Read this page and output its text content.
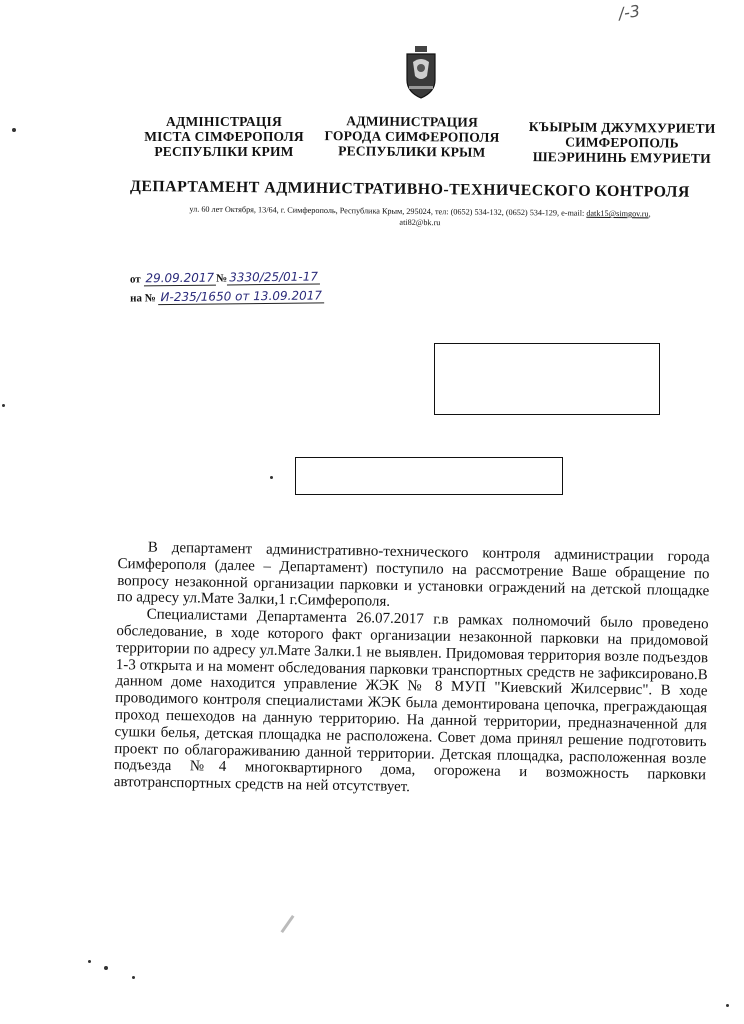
/-3
АДМІНІСТРАЦІЯ
МІСТА СІМФЕРОПОЛЯ
РЕСПУБЛІКИ КРИМ
АДМИНИСТРАЦИЯ
ГОРОДА СИМФЕРОПОЛЯ
РЕСПУБЛИКИ КРЫМ
КЪЫРЫМ ДЖУМХУРИЕТИ
СИМФЕРОПОЛЬ
ШЕЭРИНИНЬ ЕМУРИЕТИ
ДЕПАРТАМЕНТ АДМИНИСТРАТИВНО-ТЕХНИЧЕСКОГО КОНТРОЛЯ
ул. 60 лет Октября, 13/64, г. Симферополь, Республика Крым, 295024, тел: (0652) 534-132, (0652) 534-129, e-mail: datk15@simgov.ru,
ati82@bk.ru
от 29.09.2017 № 3330/25/01-17
на № И-235/1650 от 13.09.2017

В департамент административно-технического контроля администрации города Симферополя (далее – Департамент) поступило на рассмотрение Ваше обращение по вопросу незаконной организации парковки и установки ограждений на детской площадке по адресу ул.Мате Залки,1 г.Симферополя.

Специалистами Департамента 26.07.2017 г.в рамках полномочий было проведено обследование, в ходе которого факт организации незаконной парковки на придомовой территории по адресу ул.Мате Залки.1 не выявлен. Придомовая территория возле подъездов 1-3 открыта и на момент обследования парковки транспортных средств не зафиксировано.В данном доме находится управление ЖЭК № 8 МУП "Киевский Жилсервис". В ходе проводимого контроля специалистами ЖЭК была демонтирована цепочка, преграждающая проход пешеходов на данную территорию. На данной территории, предназначенной для сушки белья, детская площадка не расположена. Совет дома принял решение подготовить проект по облагораживанию данной территории. Детская площадка, расположенная возле подъезда №4 многоквартирного дома, огорожена и возможность парковки автотранспортных средств на ней отсутствует.
